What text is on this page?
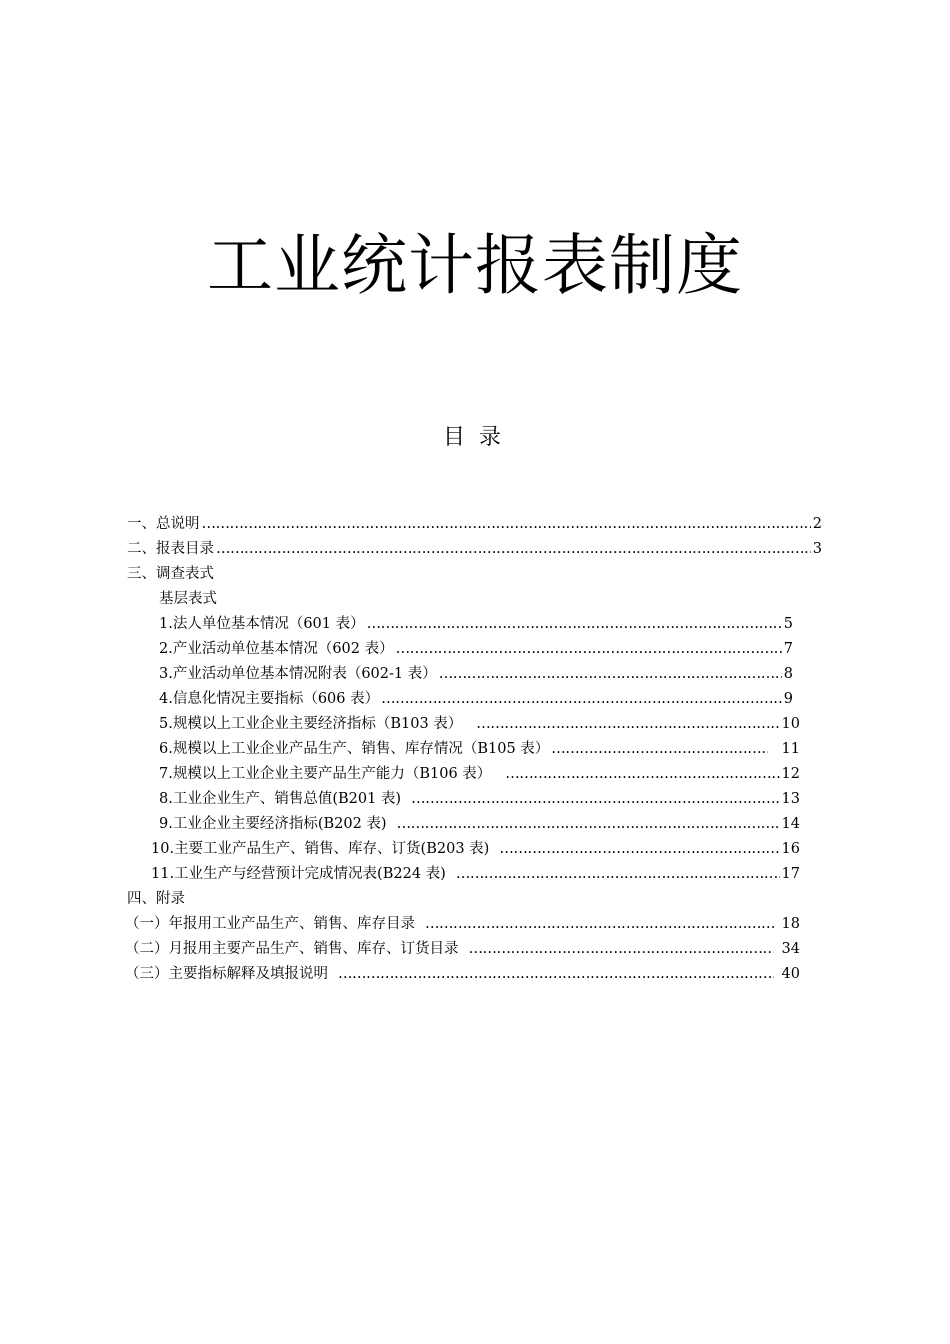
工业统计报表制度
目录
一、总说明 …………………………………………………………………………………………………………………………………………………………………………………	2
二、报表目录 …………………………………………………………………………………………………………………………………………………………………………………	3
三、调查表式
基层表式
1.法人单位基本情况（601 表） …………………………………………………………………………………………………………………………………………………………………………………	5
2.产业活动单位基本情况（602 表） …………………………………………………………………………………………………………………………………………………………………………………	7
3.产业活动单位基本情况附表（602-1 表） …………………………………………………………………………………………………………………………………………………………………………………	8
4.信息化情况主要指标（606 表） …………………………………………………………………………………………………………………………………………………………………………………	9
5.规模以上工业企业主要经济指标（B103 表） …………………………………………………………………………………………………………………………………………………………………………………	10
6.规模以上工业企业产品生产、销售、库存情况（B105 表） …………………………………………………………………………………………………………………………………………………………………………………	11
7.规模以上工业企业主要产品生产能力（B106 表） …………………………………………………………………………………………………………………………………………………………………………………	12
8.工业企业生产、销售总值(B201 表) …………………………………………………………………………………………………………………………………………………………………………………	13
9.工业企业主要经济指标(B202 表) …………………………………………………………………………………………………………………………………………………………………………………	14
10.主要工业产品生产、销售、库存、订货(B203 表) …………………………………………………………………………………………………………………………………………………………………………………	16
11.工业生产与经营预计完成情况表(B224 表) …………………………………………………………………………………………………………………………………………………………………………………	17
四、附录
（一）年报用工业产品生产、销售、库存目录 …………………………………………………………………………………………………………………………………………………………………………………	18
（二）月报用主要产品生产、销售、库存、订货目录 …………………………………………………………………………………………………………………………………………………………………………………	34
（三）主要指标解释及填报说明 …………………………………………………………………………………………………………………………………………………………………………………	40
